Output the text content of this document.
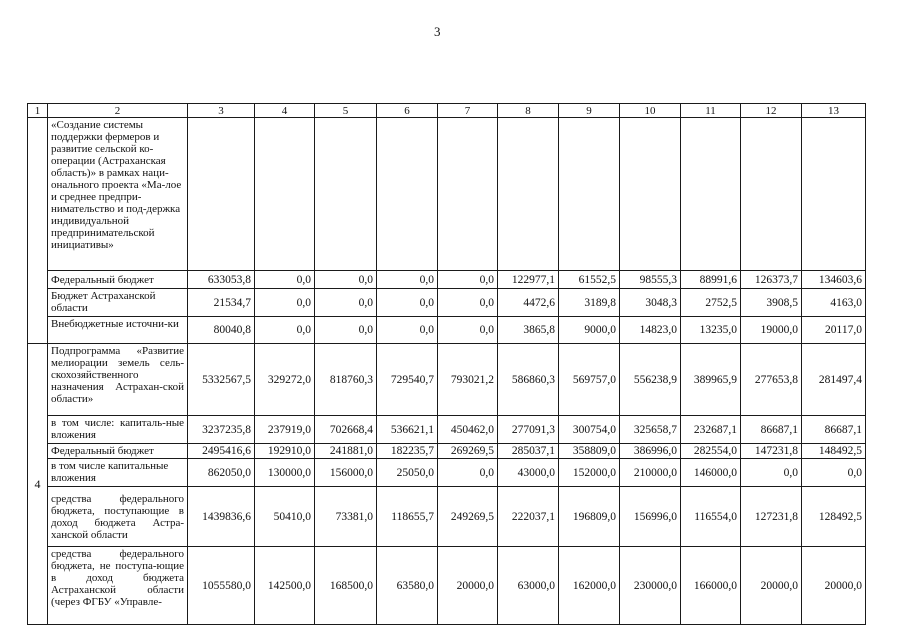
3
1	2	3	4	5	6	7	8	9	10	11	12	13
	«Создание системы поддержки фермеров и развитие сельской ко-операции (Астраханская область)» в рамках наци-онального проекта «Ма-лое и среднее предпри-нимательство и под-держка индивидуальной предпринимательской инициативы»											
	Федеральный бюджет	633053,8	0,0	0,0	0,0	0,0	122977,1	61552,5	98555,3	88991,6	126373,7	134603,6
	Бюджет Астраханской области	21534,7	0,0	0,0	0,0	0,0	4472,6	3189,8	3048,3	2752,5	3908,5	4163,0
	Внебюджетные источни-ки	80040,8	0,0	0,0	0,0	0,0	3865,8	9000,0	14823,0	13235,0	19000,0	20117,0
4	Подпрограмма «Развитие мелиорации земель сель-скохозяйственного назначения Астрахан-ской области»	5332567,5	329272,0	818760,3	729540,7	793021,2	586860,3	569757,0	556238,9	389965,9	277653,8	281497,4
	в том числе: капиталь-ные вложения	3237235,8	237919,0	702668,4	536621,1	450462,0	277091,3	300754,0	325658,7	232687,1	86687,1	86687,1
	Федеральный бюджет	2495416,6	192910,0	241881,0	182235,7	269269,5	285037,1	358809,0	386996,0	282554,0	147231,8	148492,5
	в том числе капитальные вложения	862050,0	130000,0	156000,0	25050,0	0,0	43000,0	152000,0	210000,0	146000,0	0,0	0,0
	средства федерального бюджета, поступающие в доход бюджета Астра-ханской области	1439836,6	50410,0	73381,0	118655,7	249269,5	222037,1	196809,0	156996,0	116554,0	127231,8	128492,5

	средства федерального бюджета, не поступа-ющие в доход бюджета Астраханской области (через ФГБУ «Управле-	1055580,0	142500,0	168500,0	63580,0	20000,0	63000,0	162000,0	230000,0	166000,0	20000,0	20000,0
